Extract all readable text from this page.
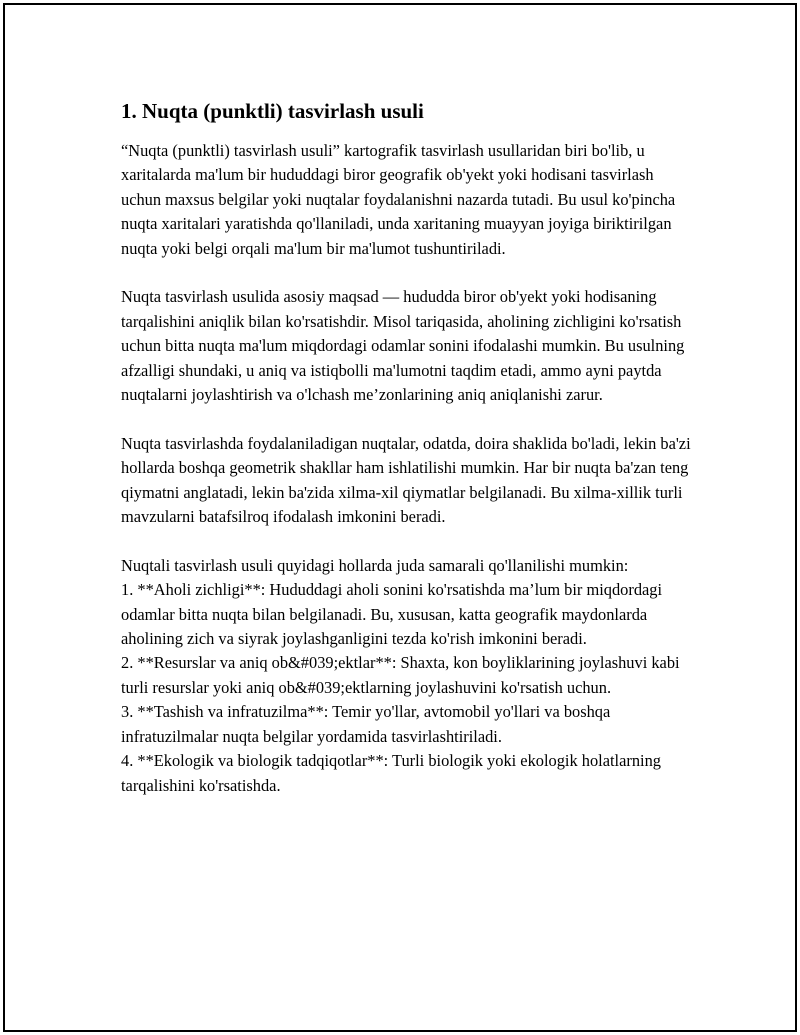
1. Nuqta (punktli) tasvirlash usuli

“Nuqta (punktli) tasvirlash usuli” kartografik tasvirlash usullaridan biri bo'lib, u xaritalarda ma'lum bir hududdagi biror geografik ob'yekt yoki hodisani tasvirlash uchun maxsus belgilar yoki nuqtalar foydalanishni nazarda tutadi. Bu usul ko'pincha nuqta xaritalari yaratishda qo'llaniladi, unda xaritaning muayyan joyiga biriktirilgan nuqta yoki belgi orqali ma'lum bir ma'lumot tushuntiriladi.

Nuqta tasvirlash usulida asosiy maqsad — hududda biror ob'yekt yoki hodisaning tarqalishini aniqlik bilan ko'rsatishdir. Misol tariqasida, aholining zichligini ko'rsatish uchun bitta nuqta ma'lum miqdordagi odamlar sonini ifodalashi mumkin. Bu usulning afzalligi shundaki, u aniq va istiqbolli ma'lumotni taqdim etadi, ammo ayni paytda nuqtalarni joylashtirish va o'lchash me’zonlarining aniq aniqlanishi zarur.

Nuqta tasvirlashda foydalaniladigan nuqtalar, odatda, doira shaklida bo'ladi, lekin ba'zi hollarda boshqa geometrik shakllar ham ishlatilishi mumkin. Har bir nuqta ba'zan teng qiymatni anglatadi, lekin ba'zida xilma-xil qiymatlar belgilanadi. Bu xilma-xillik turli mavzularni batafsilroq ifodalash imkonini beradi.

Nuqtali tasvirlash usuli quyidagi hollarda juda samarali qo'llanilishi mumkin:
1. **Aholi zichligi**: Hududdagi aholi sonini ko'rsatishda ma’lum bir miqdordagi odamlar bitta nuqta bilan belgilanadi. Bu, xususan, katta geografik maydonlarda aholining zich va siyrak joylashganligini tezda ko'rish imkonini beradi.
2. **Resurslar va aniq ob&#039;ektlar**: Shaxta, kon boyliklarining joylashuvi kabi turli resurslar yoki aniq ob&#039;ektlarning joylashuvini ko'rsatish uchun.
3. **Tashish va infratuzilma**: Temir yo'llar, avtomobil yo'llari va boshqa infratuzilmalar nuqta belgilar yordamida tasvirlashtiriladi.
4. **Ekologik va biologik tadqiqotlar**: Turli biologik yoki ekologik holatlarning tarqalishini ko'rsatishda.
